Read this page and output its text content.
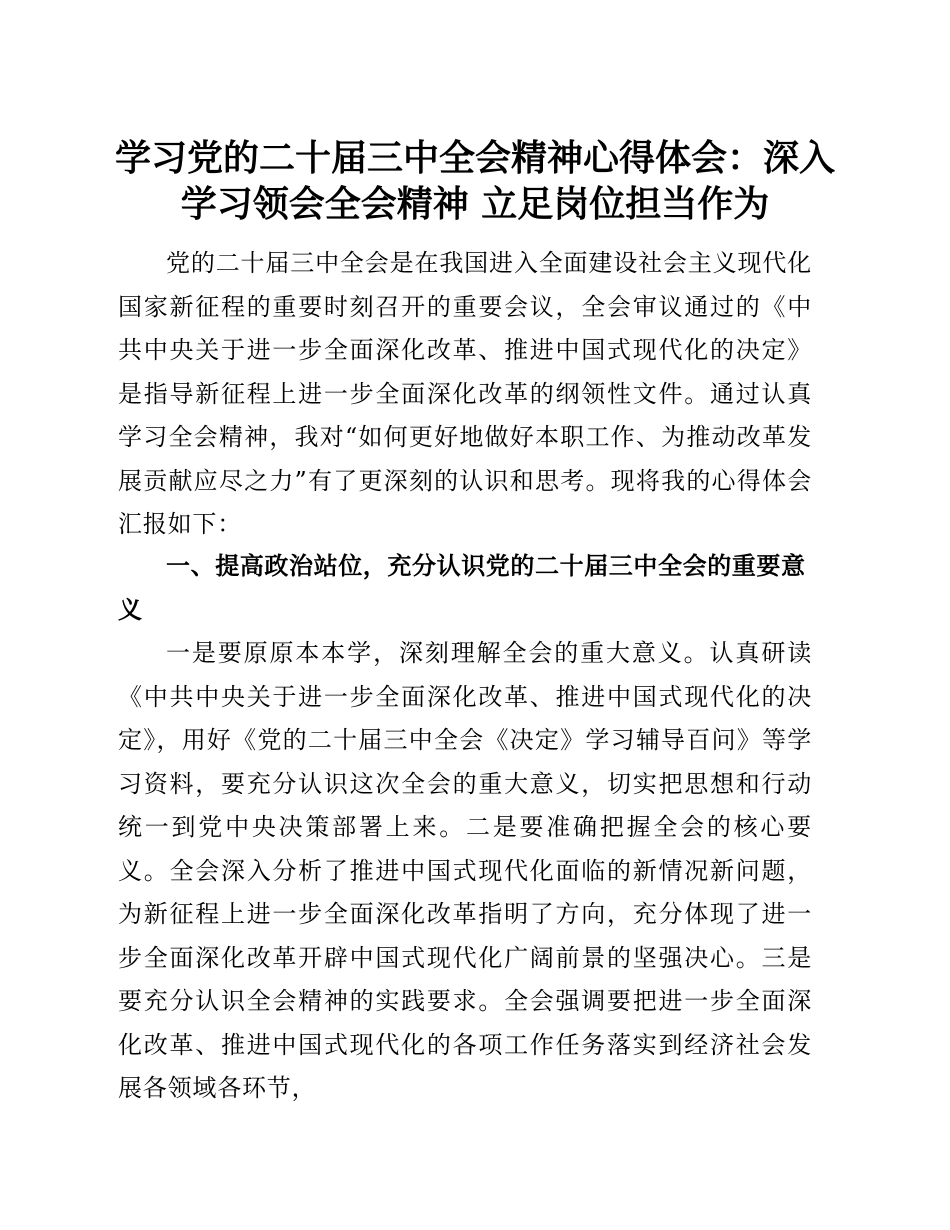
学习党的二十届三中全会精神心得体会：深入
学习领会全会精神 立足岗位担当作为

党的二十届三中全会是在我国进入全面建设社会主义现代化国家新征程的重要时刻召开的重要会议，全会审议通过的《中共中央关于进一步全面深化改革、推进中国式现代化的决定》是指导新征程上进一步全面深化改革的纲领性文件。通过认真学习全会精神，我对“如何更好地做好本职工作、为推动改革发展贡献应尽之力”有了更深刻的认识和思考。现将我的心得体会汇报如下：

一、提高政治站位，充分认识党的二十届三中全会的重要意义

一是要原原本本学，深刻理解全会的重大意义。认真研读《中共中央关于进一步全面深化改革、推进中国式现代化的决定》，用好《党的二十届三中全会《决定》学习辅导百问》等学习资料，要充分认识这次全会的重大意义，切实把思想和行动统一到党中央决策部署上来。二是要准确把握全会的核心要义。全会深入分析了推进中国式现代化面临的新情况新问题，为新征程上进一步全面深化改革指明了方向，充分体现了进一步全面深化改革开辟中国式现代化广阔前景的坚强决心。三是要充分认识全会精神的实践要求。全会强调要把进一步全面深化改革、推进中国式现代化的各项工作任务落实到经济社会发展各领域各环节，
